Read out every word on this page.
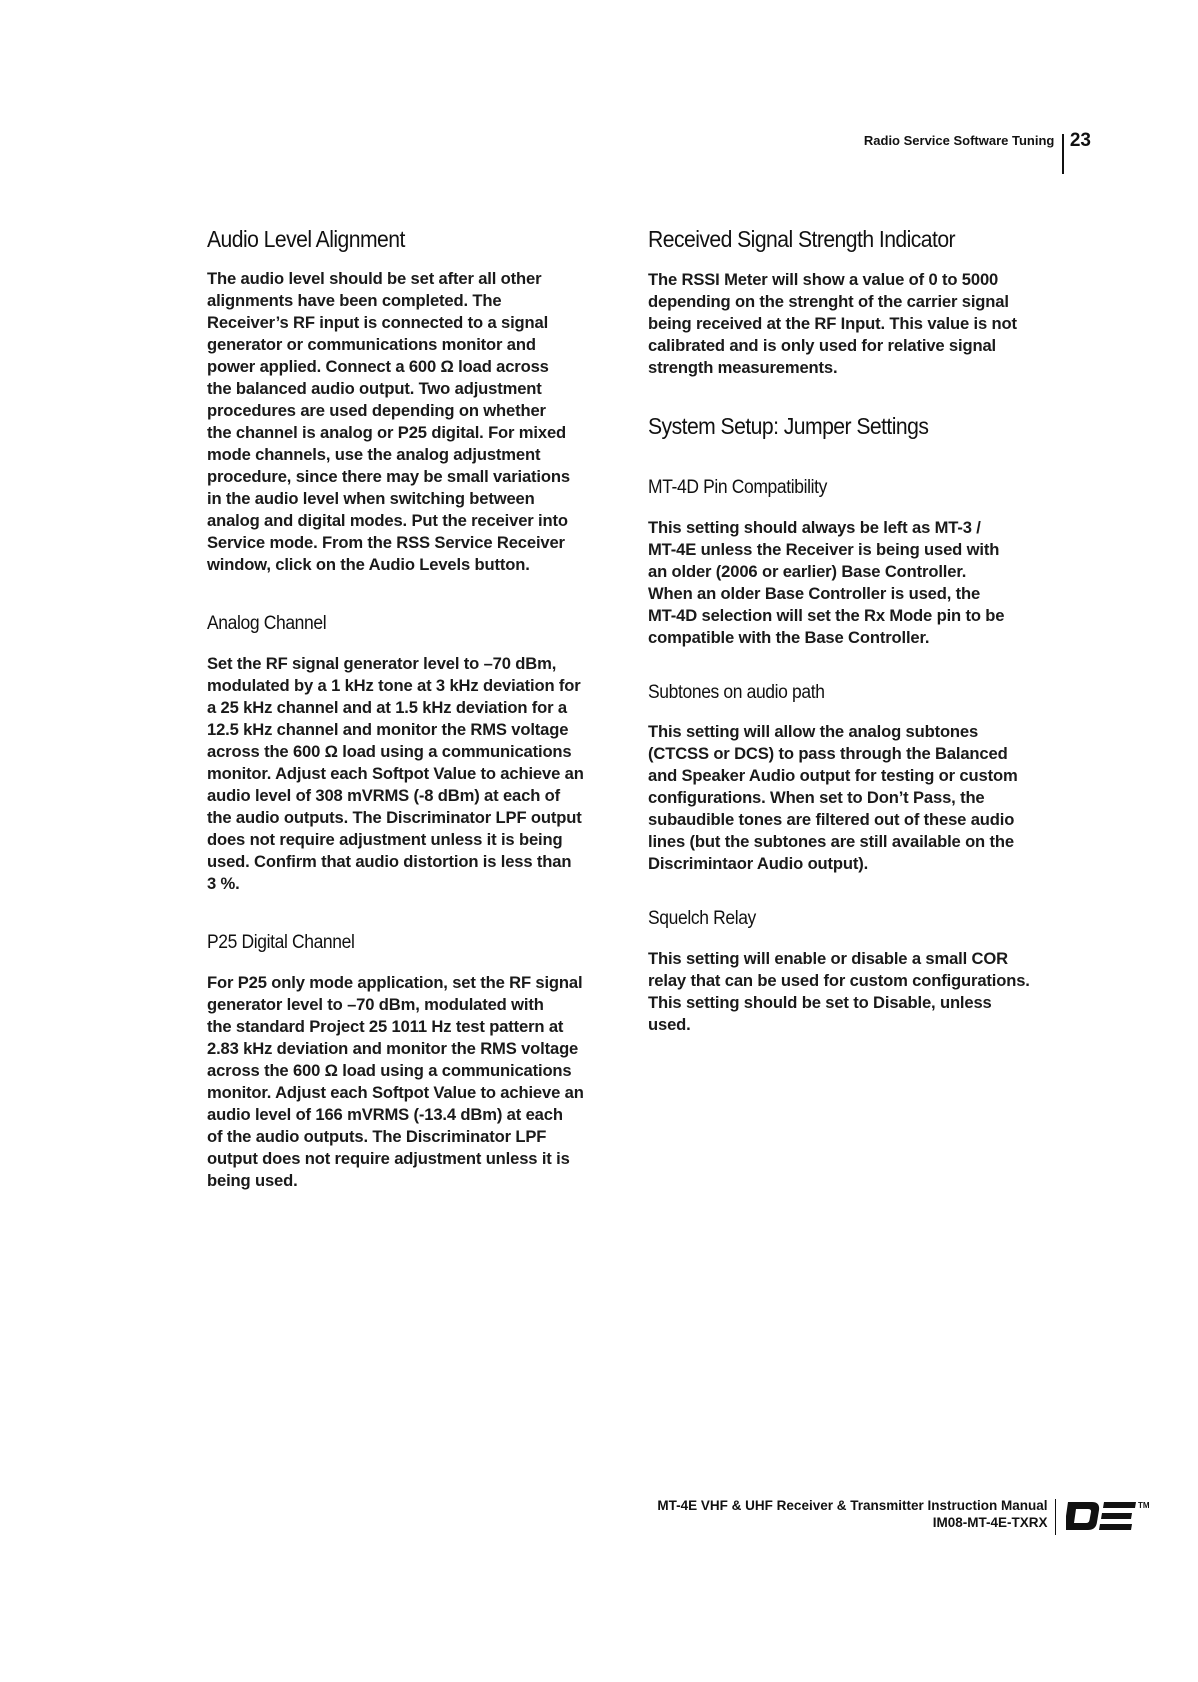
Radio Service Software Tuning 23
Audio Level Alignment

The audio level should be set after all other
alignments have been completed. The
Receiver’s RF input is connected to a signal
generator or communications monitor and
power applied. Connect a 600 Ω load across
the balanced audio output. Two adjustment
procedures are used depending on whether
the channel is analog or P25 digital. For mixed
mode channels, use the analog adjustment
procedure, since there may be small variations
in the audio level when switching between
analog and digital modes. Put the receiver into
Service mode. From the RSS Service Receiver
window, click on the Audio Levels button.

Analog Channel

Set the RF signal generator level to –70 dBm,
modulated by a 1 kHz tone at 3 kHz deviation for
a 25 kHz channel and at 1.5 kHz deviation for a
12.5 kHz channel and monitor the RMS voltage
across the 600 Ω load using a communications
monitor. Adjust each Softpot Value to achieve an
audio level of 308 mVRMS (-8 dBm) at each of
the audio outputs. The Discriminator LPF output
does not require adjustment unless it is being
used. Confirm that audio distortion is less than
3 %.

P25 Digital Channel

For P25 only mode application, set the RF signal
generator level to –70 dBm, modulated with
the standard Project 25 1011 Hz test pattern at
2.83 kHz deviation and monitor the RMS voltage
across the 600 Ω load using a communications
monitor. Adjust each Softpot Value to achieve an
audio level of 166 mVRMS (-13.4 dBm) at each
of the audio outputs. The Discriminator LPF
output does not require adjustment unless it is
being used.

Received Signal Strength Indicator

The RSSI Meter will show a value of 0 to 5000
depending on the strenght of the carrier signal
being received at the RF Input. This value is not
calibrated and is only used for relative signal
strength measurements.

System Setup: Jumper Settings
MT-4D Pin Compatibility

This setting should always be left as MT-3 /
MT-4E unless the Receiver is being used with
an older (2006 or earlier) Base Controller.
When an older Base Controller is used, the
MT-4D selection will set the Rx Mode pin to be
compatible with the Base Controller.

Subtones on audio path

This setting will allow the analog subtones
(CTCSS or DCS) to pass through the Balanced
and Speaker Audio output for testing or custom
configurations. When set to Don’t Pass, the
subaudible tones are filtered out of these audio
lines (but the subtones are still available on the
Discrimintaor Audio output).

Squelch Relay

This setting will enable or disable a small COR
relay that can be used for custom configurations.
This setting should be set to Disable, unless
used.

MT-4E VHF & UHF Receiver & Transmitter Instruction Manual
IM08-MT-4E-TXRX
TM
